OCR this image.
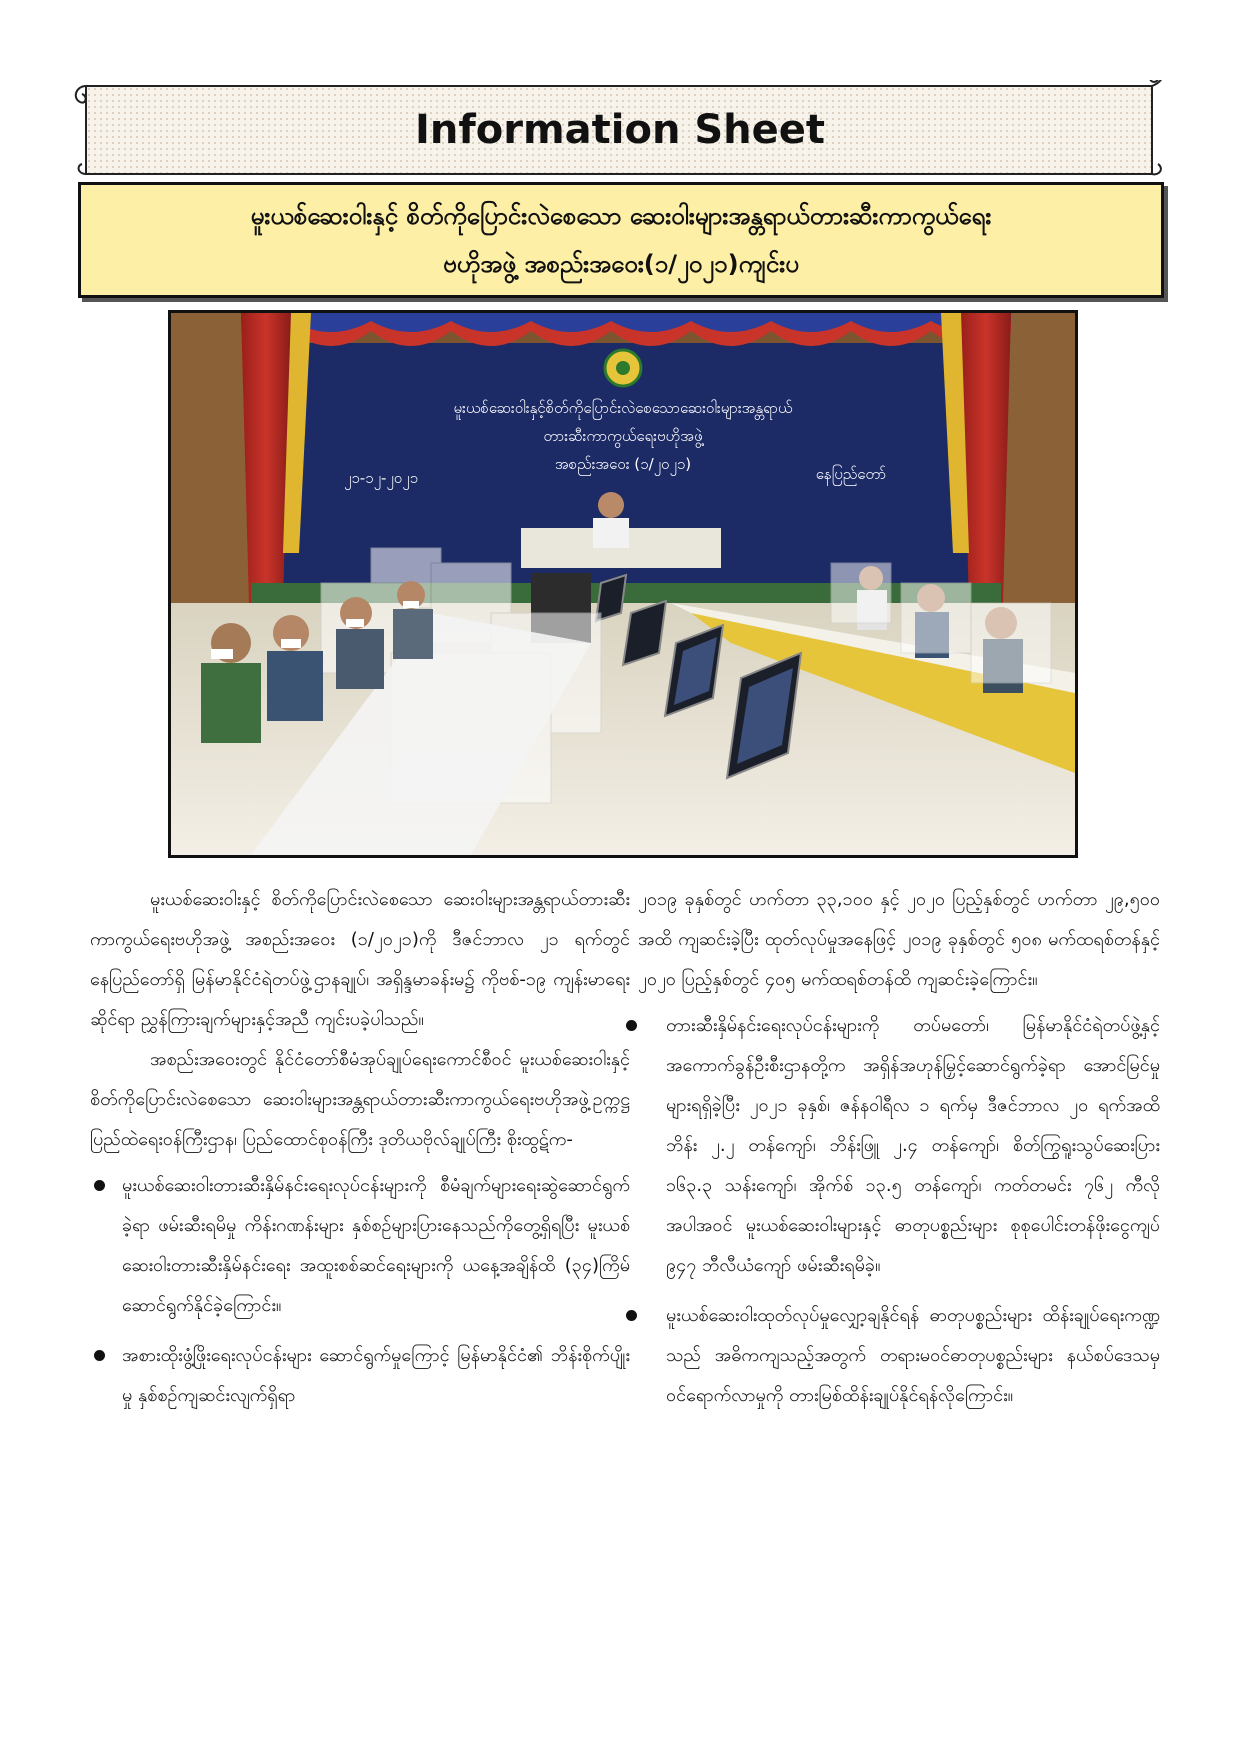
Information Sheet
မူးယစ်ဆေးဝါးနှင့် စိတ်ကိုပြောင်းလဲစေသော ဆေးဝါးများအန္တရာယ်တားဆီးကာကွယ်ရေး
ဗဟိုအဖွဲ့ အစည်းအဝေး(၁/၂၀၂၁)ကျင်းပ
မူးယစ်ဆေးဝါးနှင့်စိတ်ကိုပြောင်းလဲစေသောဆေးဝါးများအန္တရာယ်
တားဆီးကာကွယ်ရေးဗဟိုအဖွဲ့
အစည်းအဝေး (၁/၂၀၂၁)
၂၁-၁၂-၂၀၂၁	နေပြည်တော်

မူးယစ်ဆေးဝါးနှင့် စိတ်ကိုပြောင်းလဲစေသော ဆေးဝါးများအန္တရာယ်တားဆီးကာကွယ်ရေးဗဟိုအဖွဲ့ အစည်းအဝေး (၁/၂၀၂၁)ကို ဒီဇင်ဘာလ ၂၁ ရက်တွင် နေပြည်တော်ရှိ မြန်မာနိုင်ငံရဲတပ်ဖွဲ့ဌာနချုပ်၊ အရှိန္ဒမာခန်းမ၌ ကိုဗစ်-၁၉ ကျန်းမာရေးဆိုင်ရာ ညွှန်ကြားချက်များနှင့်အညီ ကျင်းပခဲ့ပါသည်။

အစည်းအဝေးတွင် နိုင်ငံတော်စီမံအုပ်ချုပ်ရေးကောင်စီဝင် မူးယစ်ဆေးဝါးနှင့် စိတ်ကိုပြောင်းလဲစေသော ဆေးဝါးများအန္တရာယ်တားဆီးကာကွယ်ရေးဗဟိုအဖွဲ့ဥက္ကဋ္ဌ ပြည်ထဲရေးဝန်ကြီးဌာန၊ ပြည်ထောင်စုဝန်ကြီး ဒုတိယဗိုလ်ချုပ်ကြီး စိုးထွဋ်က-

မူးယစ်ဆေးဝါးတားဆီးနှိမ်နင်းရေးလုပ်ငန်းများကို စီမံချက်များရေးဆွဲဆောင်ရွက်ခဲ့ရာ ဖမ်းဆီးရမိမှု ကိန်းဂဏန်းများ နှစ်စဉ်များပြားနေသည်ကိုတွေ့ရှိရပြီး မူးယစ်ဆေးဝါးတားဆီးနှိမ်နင်းရေး အထူးစစ်ဆင်ရေးများကို ယနေ့အချိန်ထိ (၃၄)ကြိမ် ဆောင်ရွက်နိုင်ခဲ့ကြောင်း။
အစားထိုးဖွံ့ဖြိုးရေးလုပ်ငန်းများ ဆောင်ရွက်မှုကြောင့် မြန်မာနိုင်ငံ၏ ဘိန်းစိုက်ပျိုးမှု နှစ်စဉ်ကျဆင်းလျက်ရှိရာ

၂၀၁၉ ခုနှစ်တွင် ဟက်တာ ၃၃,၁၀၀ နှင့် ၂၀၂၀ ပြည့်နှစ်တွင် ဟက်တာ ၂၉,၅၀၀ အထိ ကျဆင်းခဲ့ပြီး ထုတ်လုပ်မှုအနေဖြင့် ၂၀၁၉ ခုနှစ်တွင် ၅၀၈ မက်ထရစ်တန်နှင့် ၂၀၂၀ ပြည့်နှစ်တွင် ၄၀၅ မက်ထရစ်တန်ထိ ကျဆင်းခဲ့ကြောင်း။

တားဆီးနှိမ်နင်းရေးလုပ်ငန်းများကို တပ်မတော်၊ မြန်မာနိုင်ငံရဲတပ်ဖွဲ့နှင့် အကောက်ခွန်ဦးစီးဌာနတို့က အရှိန်အဟုန်မြှင့်ဆောင်ရွက်ခဲ့ရာ အောင်မြင်မှုများရရှိခဲ့ပြီး ၂၀၂၁ ခုနှစ်၊ ဇန်နဝါရီလ ၁ ရက်မှ ဒီဇင်ဘာလ ၂၀ ရက်အထိ ဘိန်း ၂.၂ တန်ကျော်၊ ဘိန်းဖြူ ၂.၄ တန်ကျော်၊ စိတ်ကြွရူးသွပ်ဆေးပြား ၁၆၃.၃ သန်းကျော်၊ အိုက်စ် ၁၃.၅ တန်ကျော်၊ ကတ်တမင်း ၇၆၂ ကီလိုအပါအဝင် မူးယစ်ဆေးဝါးများနှင့် ဓာတုပစ္စည်းများ စုစုပေါင်းတန်ဖိုးငွေကျပ် ၉၄၇ ဘီလီယံကျော် ဖမ်းဆီးရမိခဲ့။
မူးယစ်ဆေးဝါးထုတ်လုပ်မှုလျှော့ချနိုင်ရန် ဓာတုပစ္စည်းများ ထိန်းချုပ်ရေးကဏ္ဍသည် အဓိကကျသည့်အတွက် တရားမဝင်ဓာတုပစ္စည်းများ နယ်စပ်ဒေသမှ ဝင်ရောက်လာမှုကို တားမြစ်ထိန်းချုပ်နိုင်ရန်လိုကြောင်း။
